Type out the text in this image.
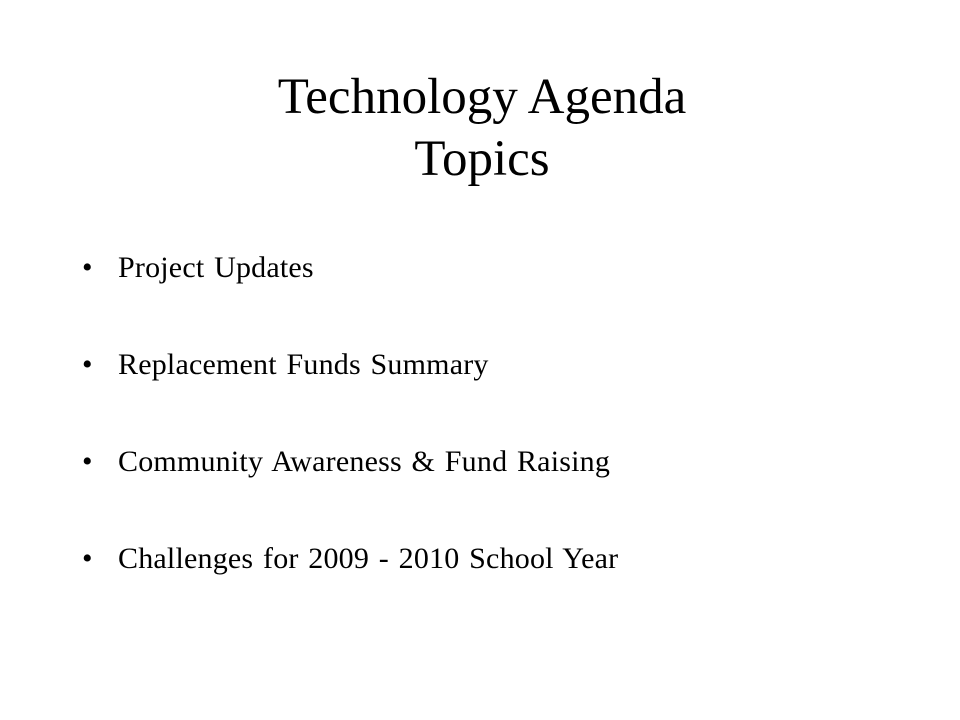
Technology Agenda
Topics
• Project Updates
• Replacement Funds Summary
• Community Awareness & Fund Raising
• Challenges for 2009 - 2010 School Year
